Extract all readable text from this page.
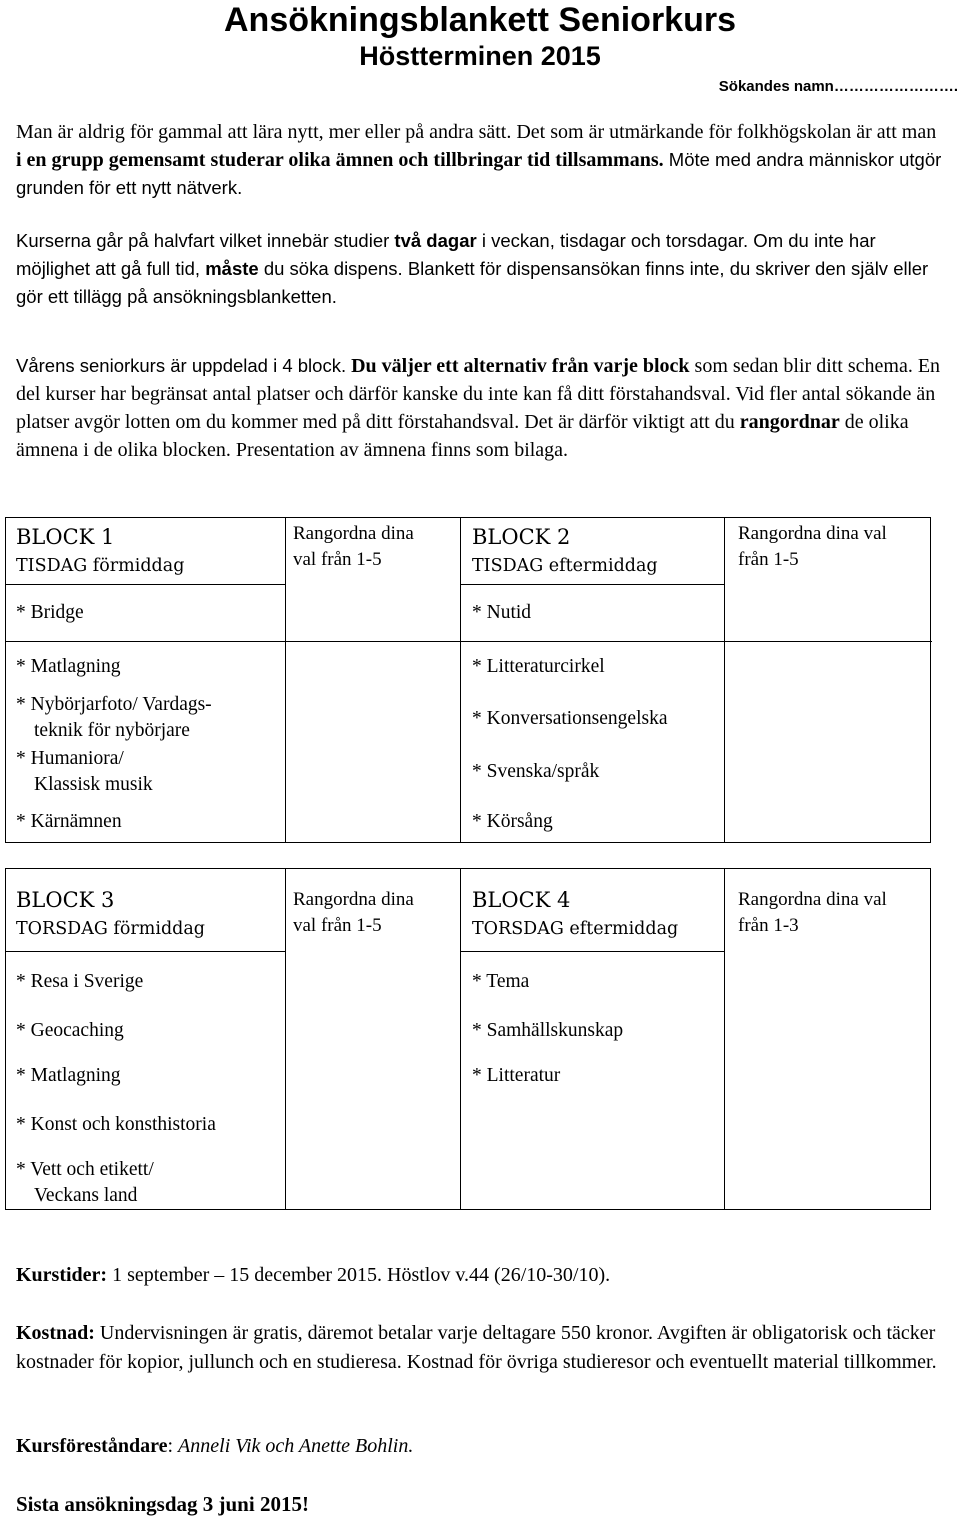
Ansökningsblankett Seniorkurs
Höstterminen 2015
Sökandes namn…………………….
Man är aldrig för gammal att lära nytt, mer eller på andra sätt. Det som är utmärkande för folkhögskolan är att man i en grupp gemensamt studerar olika ämnen och tillbringar tid tillsammans. Möte med andra människor utgör grunden för ett nytt nätverk.
Kurserna går på halvfart vilket innebär studier två dagar i veckan, tisdagar och torsdagar. Om du inte har möjlighet att gå full tid, måste du söka dispens. Blankett för dispensansökan finns inte, du skriver den själv eller gör ett tillägg på ansökningsblanketten.
Vårens seniorkurs är uppdelad i 4 block. Du väljer ett alternativ från varje block som sedan blir ditt schema. En del kurser har begränsat antal platser och därför kanske du inte kan få ditt förstahandsval. Vid fler antal sökande än platser avgör lotten om du kommer med på ditt förstahandsval. Det är därför viktigt att du rangordnar de olika ämnena i de olika blocken. Presentation av ämnena finns som bilaga.
BLOCK 1
TISDAG förmiddag
Rangordna dina
val från 1-5
BLOCK 2
TISDAG eftermiddag
Rangordna dina val
från 1-5
* Bridge
* Matlagning
* Nybörjarfoto/ Vardags-
teknik för nybörjare
* Humaniora/
Klassisk musik
* Kärnämnen
* Nutid
* Litteraturcirkel
* Konversationsengelska
* Svenska/språk
* Körsång
BLOCK 3
TORSDAG förmiddag
Rangordna dina
val från 1-5
BLOCK 4
TORSDAG eftermiddag
Rangordna dina val
från 1-3
* Resa i Sverige
* Geocaching
* Matlagning
* Konst och konsthistoria
* Vett och etikett/
Veckans land
* Tema
* Samhällskunskap
* Litteratur
Kurstider: 1 september – 15 december 2015. Höstlov v.44 (26/10-30/10).
Kostnad: Undervisningen är gratis, däremot betalar varje deltagare 550 kronor. Avgiften är obligatorisk och täcker kostnader för kopior, jullunch och en studieresa. Kostnad för övriga studieresor och eventuellt material tillkommer.
Kursföreståndare: Anneli Vik och Anette Bohlin.
Sista ansökningsdag 3 juni 2015!
